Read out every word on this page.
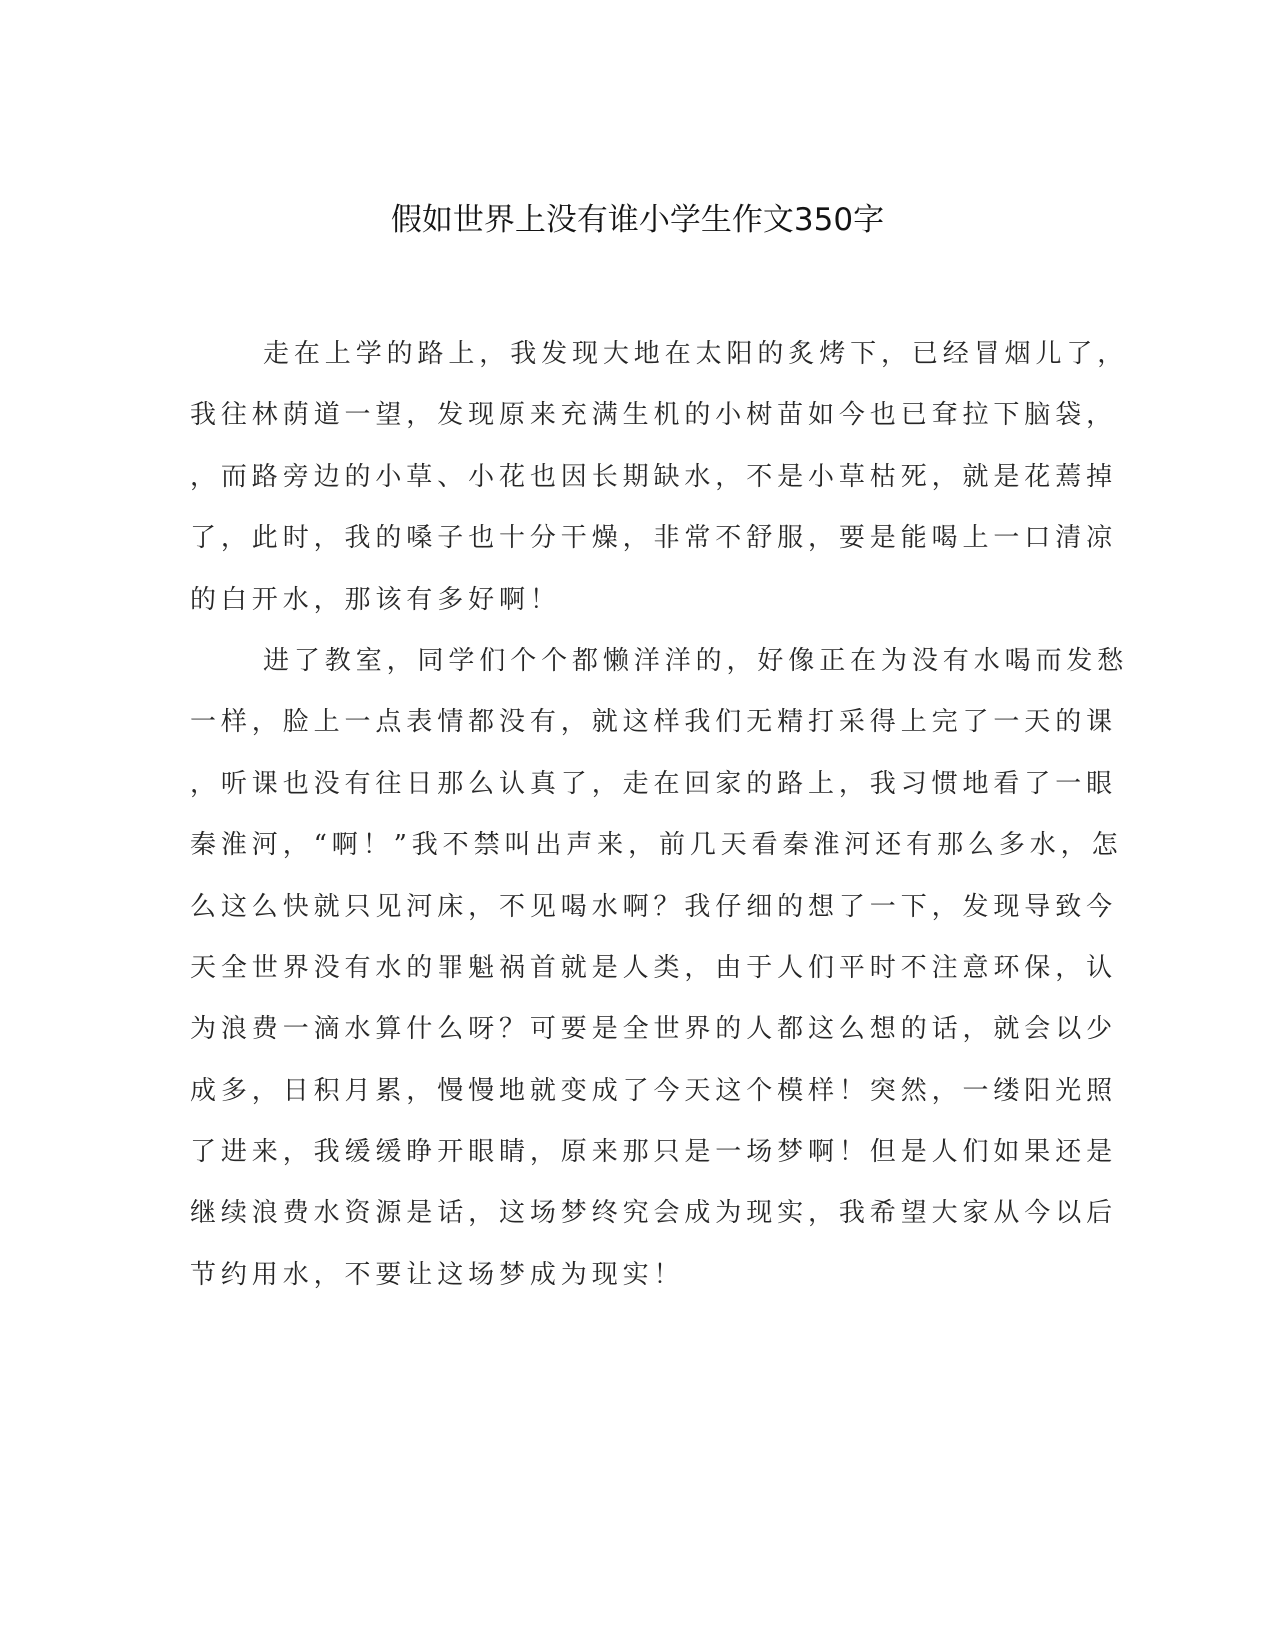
假如世界上没有谁小学生作文350字
走在上学的路上，我发现大地在太阳的炙烤下，已经冒烟儿了，
我往林荫道一望，发现原来充满生机的小树苗如今也已耷拉下脑袋，
，而路旁边的小草、小花也因长期缺水，不是小草枯死，就是花蔫掉
了，此时，我的嗓子也十分干燥，非常不舒服，要是能喝上一口清凉
的白开水，那该有多好啊！
进了教室，同学们个个都懒洋洋的，好像正在为没有水喝而发愁
一样，脸上一点表情都没有，就这样我们无精打采得上完了一天的课
，听课也没有往日那么认真了，走在回家的路上，我习惯地看了一眼
秦淮河，“啊！”我不禁叫出声来，前几天看秦淮河还有那么多水，怎
么这么快就只见河床，不见喝水啊？我仔细的想了一下，发现导致今
天全世界没有水的罪魁祸首就是人类，由于人们平时不注意环保，认
为浪费一滴水算什么呀？可要是全世界的人都这么想的话，就会以少
成多，日积月累，慢慢地就变成了今天这个模样！突然，一缕阳光照
了进来，我缓缓睁开眼睛，原来那只是一场梦啊！但是人们如果还是
继续浪费水资源是话，这场梦终究会成为现实，我希望大家从今以后
节约用水，不要让这场梦成为现实！
